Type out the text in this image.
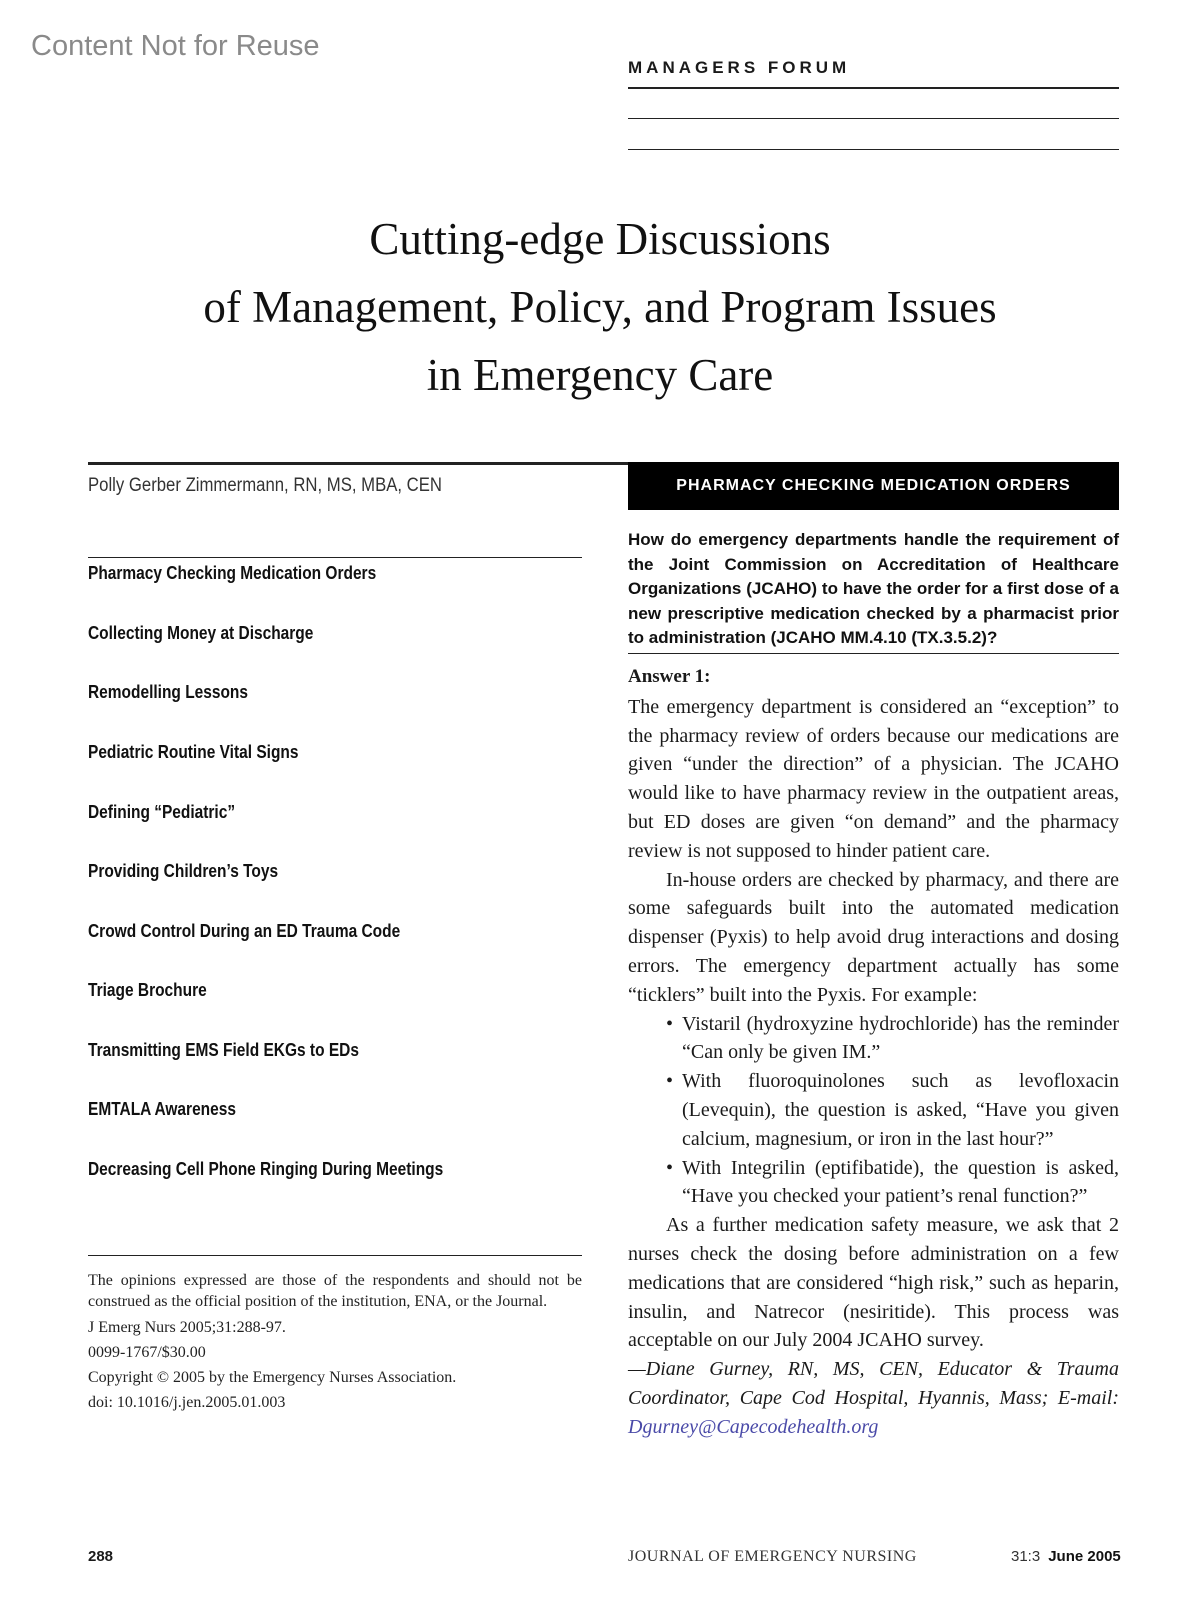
Content Not for Reuse
MANAGERS FORUM
Cutting-edge Discussions
of Management, Policy, and Program Issues
in Emergency Care
Polly Gerber Zimmermann, RN, MS, MBA, CEN
Pharmacy Checking Medication Orders
Collecting Money at Discharge
Remodelling Lessons
Pediatric Routine Vital Signs
Defining “Pediatric”
Providing Children’s Toys
Crowd Control During an ED Trauma Code
Triage Brochure
Transmitting EMS Field EKGs to EDs
EMTALA Awareness
Decreasing Cell Phone Ringing During Meetings
The opinions expressed are those of the respondents and should not be construed as the official position of the institution, ENA, or the Journal.
J Emerg Nurs 2005;31:288-97.
0099-1767/$30.00
Copyright © 2005 by the Emergency Nurses Association.
doi: 10.1016/j.jen.2005.01.003
PHARMACY CHECKING MEDICATION ORDERS
How do emergency departments handle the requirement of the Joint Commission on Accreditation of Healthcare Organizations (JCAHO) to have the order for a first dose of a new prescriptive medication checked by a pharmacist prior to administration (JCAHO MM.4.10 (TX.3.5.2)?
Answer 1:

The emergency department is considered an “exception” to the pharmacy review of orders because our medications are given “under the direction” of a physician. The JCAHO would like to have pharmacy review in the outpatient areas, but ED doses are given “on demand” and the pharmacy review is not supposed to hinder patient care.

In-house orders are checked by pharmacy, and there are some safeguards built into the automated medication dispenser (Pyxis) to help avoid drug interactions and dosing errors. The emergency department actually has some “ticklers” built into the Pyxis. For example:

• Vistaril (hydroxyzine hydrochloride) has the reminder “Can only be given IM.”
• With fluoroquinolones such as levofloxacin (Levequin), the question is asked, “Have you given calcium, magnesium, or iron in the last hour?”
• With Integrilin (eptifibatide), the question is asked, “Have you checked your patient’s renal function?”

As a further medication safety measure, we ask that 2 nurses check the dosing before administration on a few medications that are considered “high risk,” such as heparin, insulin, and Natrecor (nesiritide). This process was acceptable on our July 2004 JCAHO survey.

—Diane Gurney, RN, MS, CEN, Educator & Trauma Coordinator, Cape Cod Hospital, Hyannis, Mass; E-mail: Dgurney@Capecodehealth.org
288	JOURNAL OF EMERGENCY NURSING	31:3 June 2005
